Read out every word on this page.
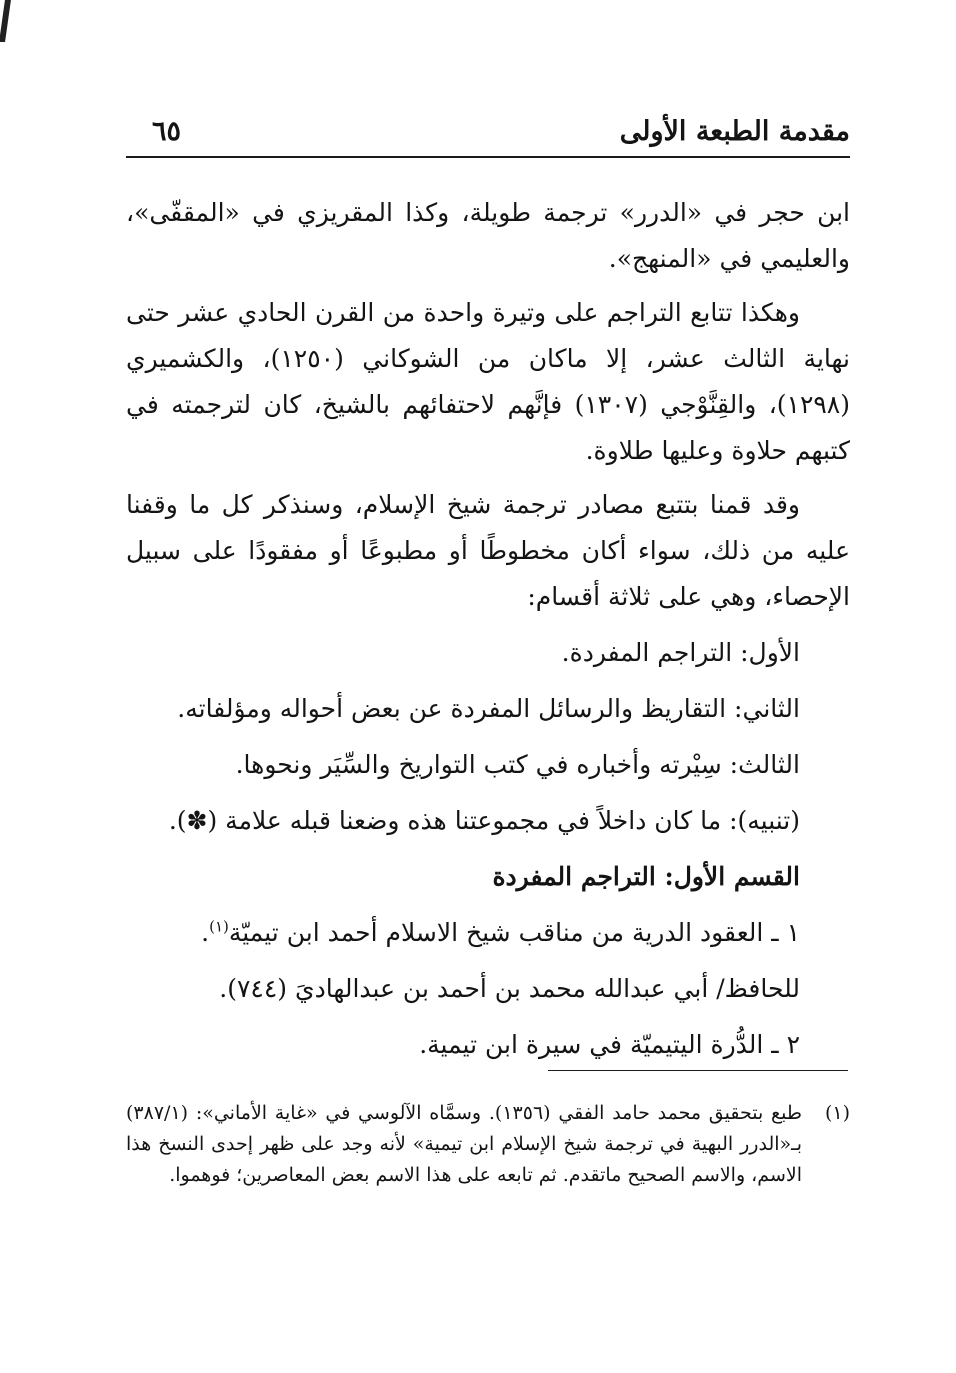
مقدمة الطبعة الأولى
٦٥

ابن حجر في «الدرر» ترجمة طويلة، وكذا المقريزي في «المقفّى»، والعليمي في «المنهج».

وهكذا تتابع التراجم على وتيرة واحدة من القرن الحادي عشر حتى نهاية الثالث عشر، إلا ماكان من الشوكاني (١٢٥٠)، والكشميري (١٢٩٨)، والقِنَّوْجي (١٣٠٧) فإنَّهم لاحتفائهم بالشيخ، كان لترجمته في كتبهم حلاوة وعليها طلاوة.

وقد قمنا بتتبع مصادر ترجمة شيخ الإسلام، وسنذكر كل ما وقفنا عليه من ذلك، سواء أكان مخطوطًا أو مطبوعًا أو مفقودًا على سبيل الإحصاء، وهي على ثلاثة أقسام:

الأول: التراجم المفردة.

الثاني: التقاريظ والرسائل المفردة عن بعض أحواله ومؤلفاته.

الثالث: سِيْرته وأخباره في كتب التواريخ والسِّيَر ونحوها.

(تنبيه): ما كان داخلاً في مجموعتنا هذه وضعنا قبله علامة (✽).

القسم الأول: التراجم المفردة

١ ـ العقود الدرية من مناقب شيخ الاسلام أحمد ابن تيميّة$^{(١)}$.

للحافظ/ أبي عبدالله محمد بن أحمد بن عبدالهاديَ (٧٤٤).

٢ ـ الدُّرة اليتيميّة في سيرة ابن تيمية.

(١)
طبع بتحقيق محمد حامد الفقي (١٣٥٦). وسمَّاه الآلوسي في «غاية الأماني»: (٣٨٧/١) بـ«الدرر البهية في ترجمة شيخ الإسلام ابن تيمية» لأنه وجد على ظهر إحدى النسخ هذا الاسم، والاسم الصحيح ماتقدم. ثم تابعه على هذا الاسم بعض المعاصرين؛ فوهموا.
